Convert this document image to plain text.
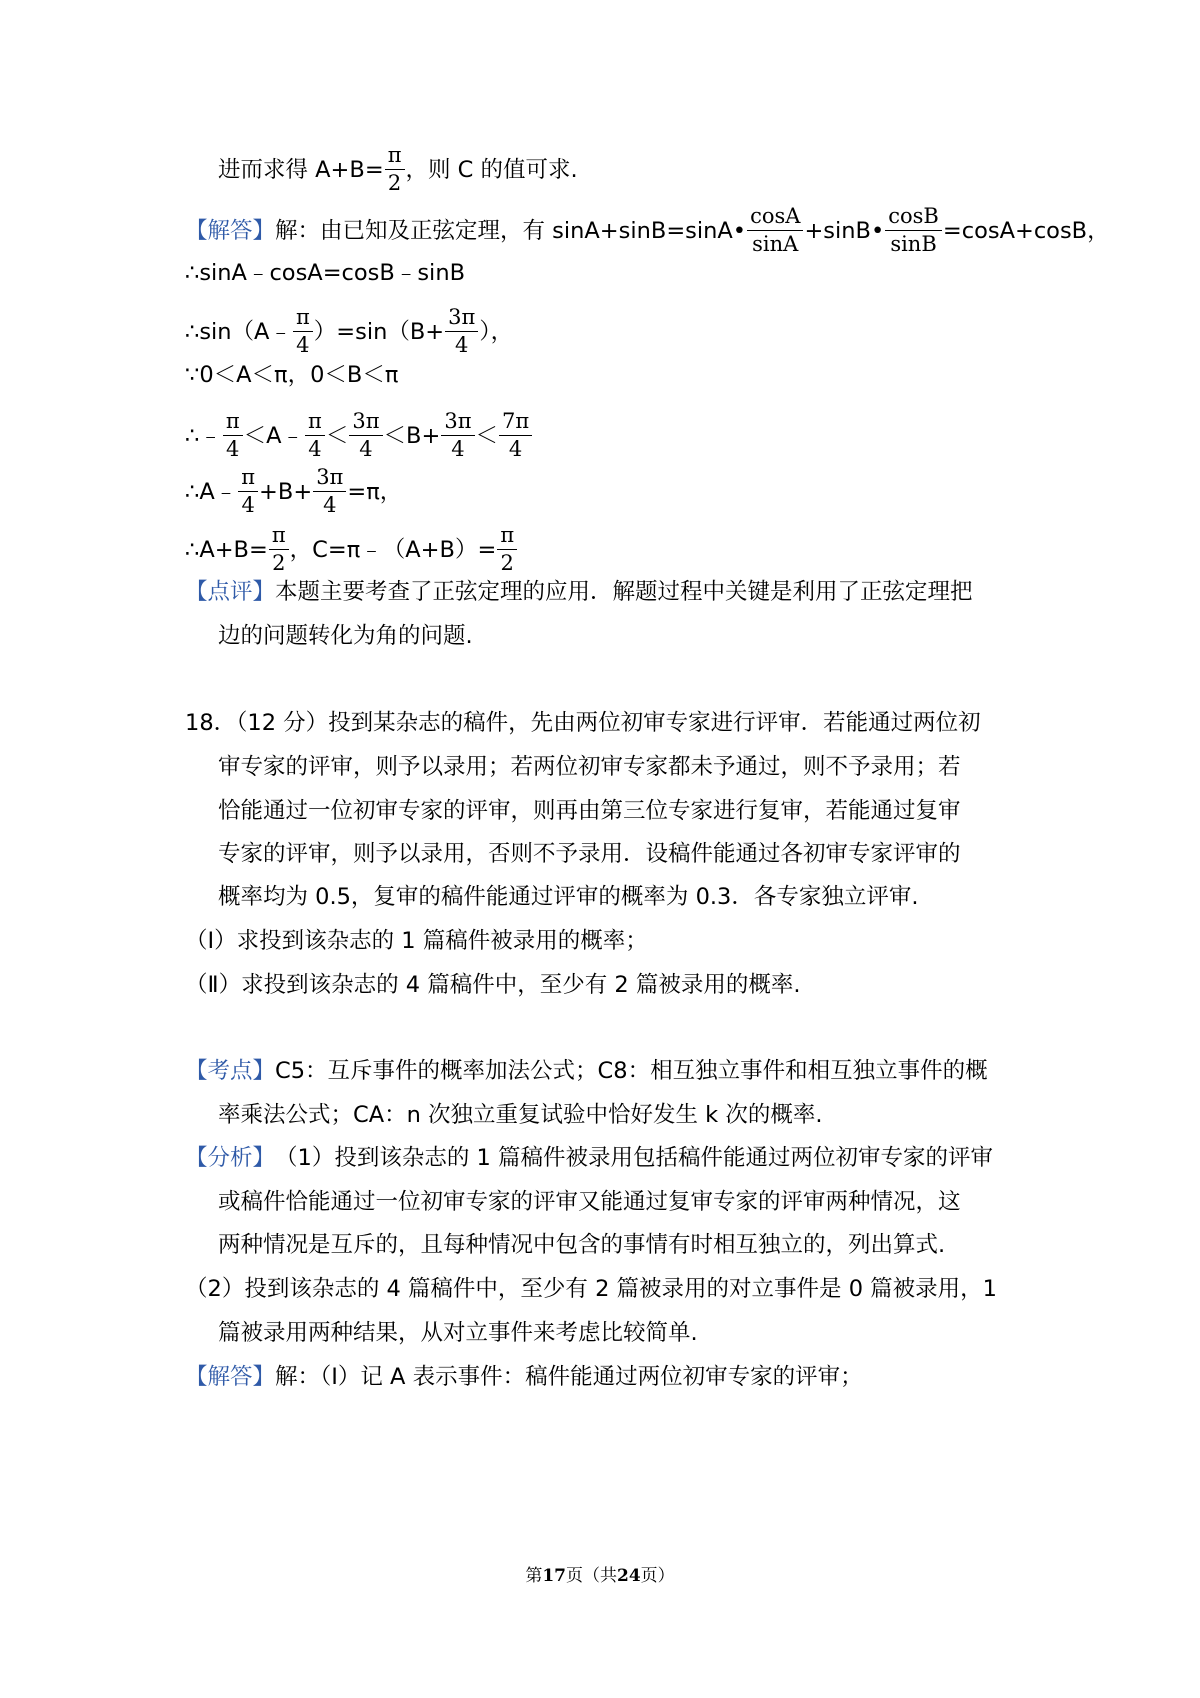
进而求得 $A+B= \frac{\pi}{2}$ ，则 C 的值可求.
【解答】 解：由已知及正弦定理，有 sinA+sinB=sinA• $\frac{\cos A}{\sin A}$ +sinB• $\frac{\cos B}{\sin B} =\cos A+\cos B$，
∴sinA﹣cosA=cosB﹣sinB
∴sin（A﹣ $\frac{\pi}{4} )=\sin(B+ \frac{3\pi}{4}$ ），
∵0＜A＜π，0＜B＜π
∴﹣ $\frac{\pi}{4}$ ＜A﹣ $\frac{\pi}{4} < \frac{3\pi}{4} <B+ \frac{3\pi}{4} < \frac{7\pi}{4}$
∴A﹣ $\frac{\pi}{4} +B+ \frac{3\pi}{4} =\pi$，
∴A+B= $\frac{\pi}{2}$ ，C=π﹣（A+B）= $\frac{\pi}{2}$
【点评】 本题主要考查了正弦定理的应用．解题过程中关键是利用了正弦定理把
边的问题转化为角的问题.
18．（12 分）投到某杂志的稿件，先由两位初审专家进行评审．若能通过两位初
审专家的评审，则予以录用；若两位初审专家都未予通过，则不予录用；若
恰能通过一位初审专家的评审，则再由第三位专家进行复审，若能通过复审
专家的评审，则予以录用，否则不予录用．设稿件能通过各初审专家评审的
概率均为 0.5，复审的稿件能通过评审的概率为 0.3．各专家独立评审.
（Ⅰ）求投到该杂志的 1 篇稿件被录用的概率；
（Ⅱ）求投到该杂志的 4 篇稿件中，至少有 2 篇被录用的概率.
【考点】 C5：互斥事件的概率加法公式；C8：相互独立事件和相互独立事件的概
率乘法公式；CA：n 次独立重复试验中恰好发生 k 次的概率.
【分析】 （1）投到该杂志的 1 篇稿件被录用包括稿件能通过两位初审专家的评审
或稿件恰能通过一位初审专家的评审又能通过复审专家的评审两种情况，这
两种情况是互斥的，且每种情况中包含的事情有时相互独立的，列出算式.
（2）投到该杂志的 4 篇稿件中，至少有 2 篇被录用的对立事件是 0 篇被录用，1
篇被录用两种结果，从对立事件来考虑比较简单.
【解答】 解：（Ⅰ）记 A 表示事件：稿件能通过两位初审专家的评审；
第17页（共24页）
